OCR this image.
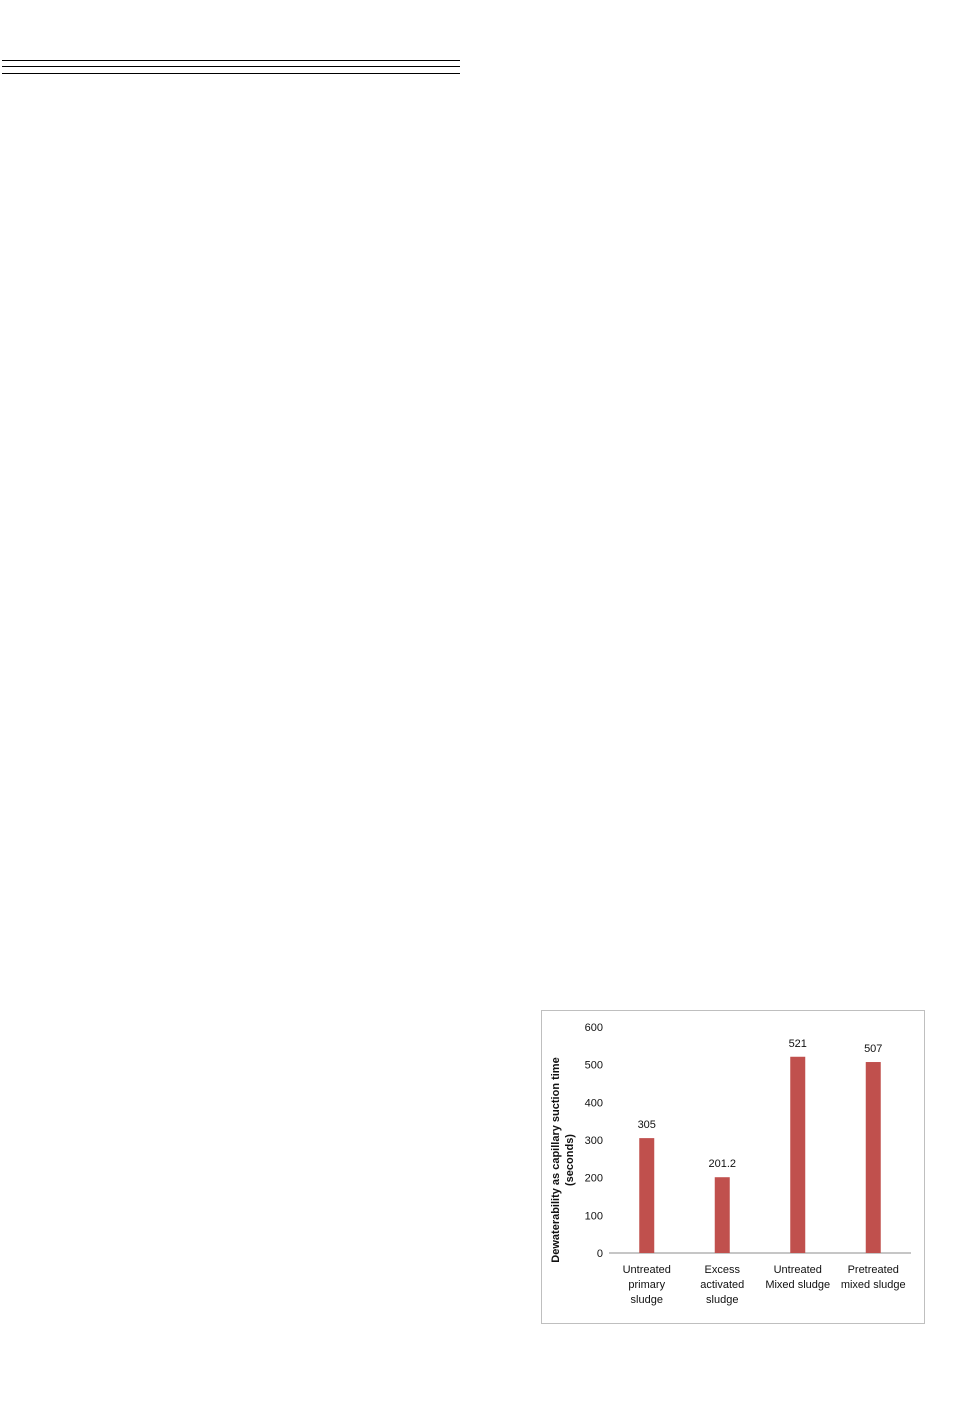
0
100
200
300
400
500
600
305
Untreated primary sludge
201.2
Excess activated sludge
521
Untreated Mixed sludge
507
Pretreated mixed sludge
Dewaterability as capillary suction time (seconds)
